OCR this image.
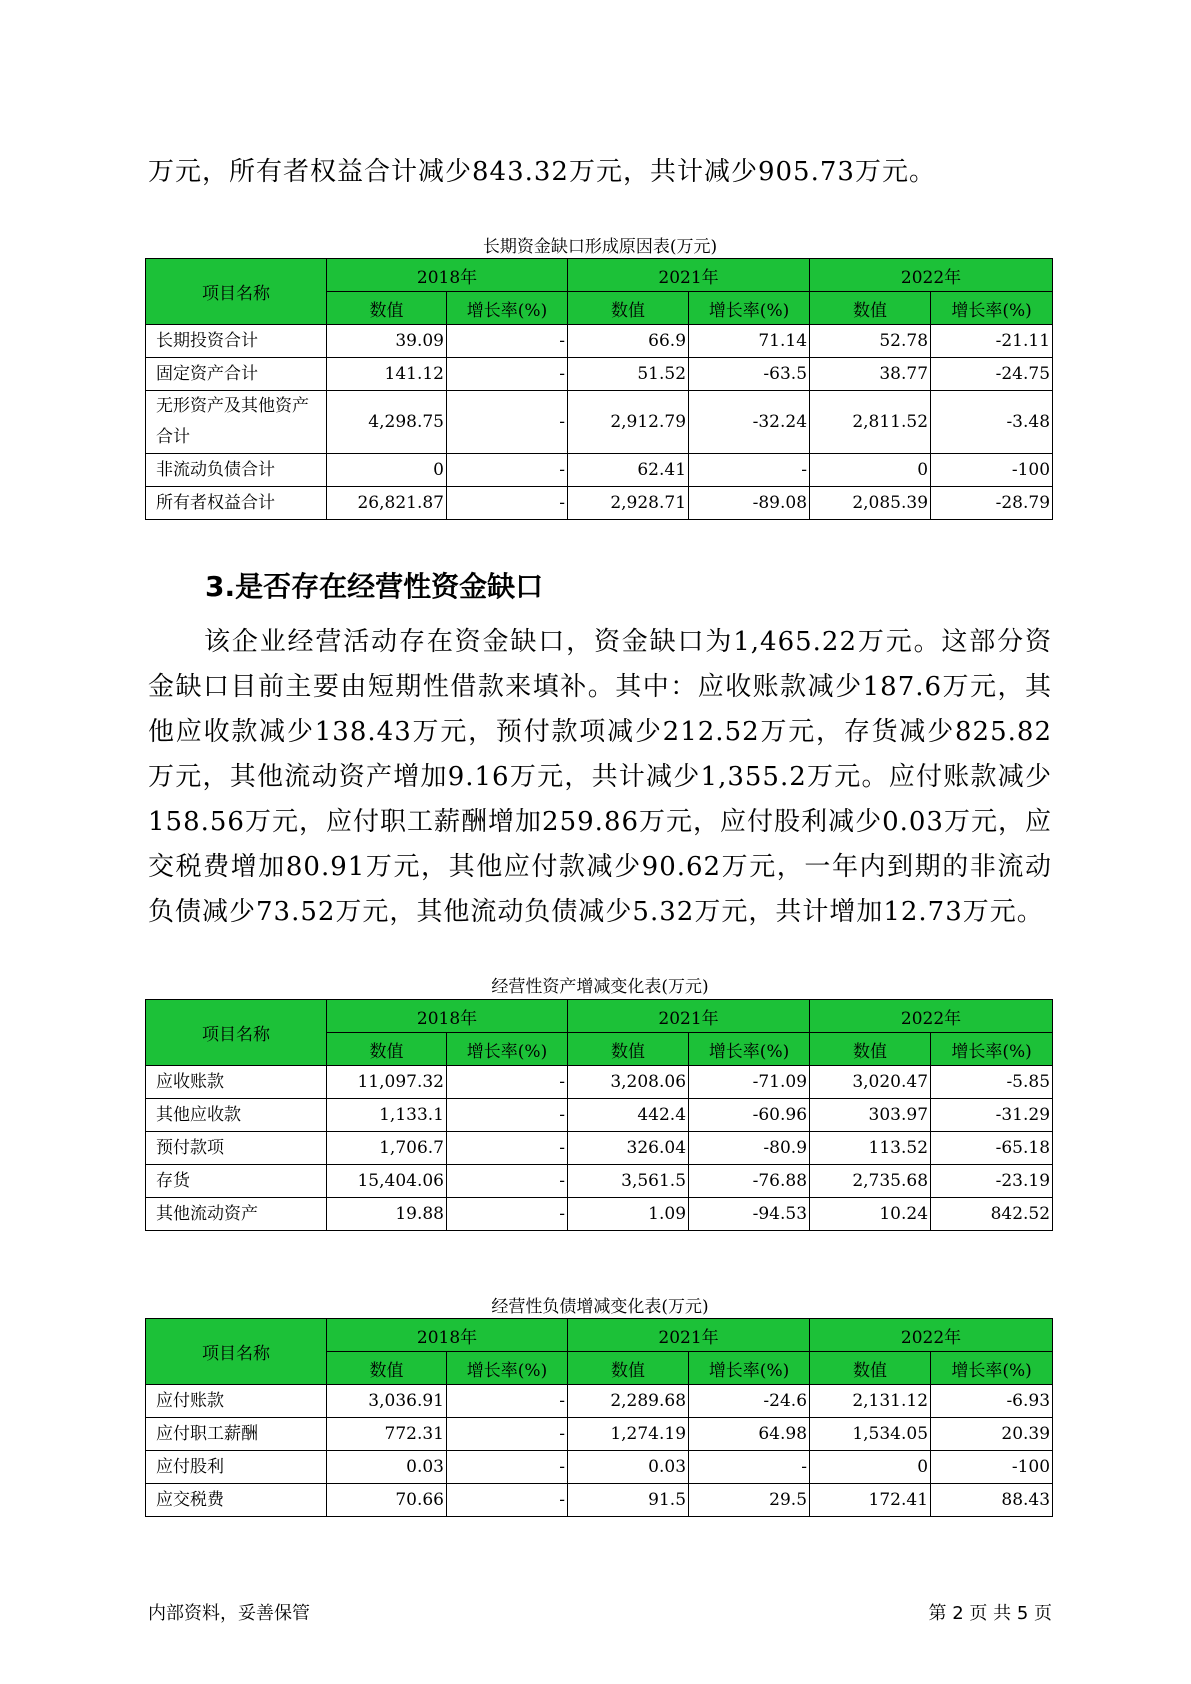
万元，所有者权益合计减少843.32万元，共计减少905.73万元。
长期资金缺口形成原因表(万元)
项目名称	2018年		2021年		2022年	
	数值	增长率(%)	数值	增长率(%)	数值	增长率(%)
长期投资合计	39.09	-	66.9	71.14	52.78	-21.11
固定资产合计	141.12	-	51.52	-63.5	38.77	-24.75
无形资产及其他资产合计	4,298.75	-	2,912.79	-32.24	2,811.52	-3.48
非流动负债合计	0	-	62.41	-	0	-100
所有者权益合计	26,821.87	-	2,928.71	-89.08	2,085.39	-28.79
3.是否存在经营性资金缺口
该企业经营活动存在资金缺口，资金缺口为1,465.22万元。这部分资金缺口目前主要由短期性借款来填补。其中：应收账款减少187.6万元，其他应收款减少138.43万元，预付款项减少212.52万元，存货减少825.82万元，其他流动资产增加9.16万元，共计减少1,355.2万元。应付账款减少158.56万元，应付职工薪酬增加259.86万元，应付股利减少0.03万元，应交税费增加80.91万元，其他应付款减少90.62万元，一年内到期的非流动负债减少73.52万元，其他流动负债减少5.32万元，共计增加12.73万元。
经营性资产增减变化表(万元)
项目名称	2018年		2021年		2022年	
	数值	增长率(%)	数值	增长率(%)	数值	增长率(%)
应收账款	11,097.32	-	3,208.06	-71.09	3,020.47	-5.85
其他应收款	1,133.1	-	442.4	-60.96	303.97	-31.29
预付款项	1,706.7	-	326.04	-80.9	113.52	-65.18
存货	15,404.06	-	3,561.5	-76.88	2,735.68	-23.19
其他流动资产	19.88	-	1.09	-94.53	10.24	842.52
经营性负债增减变化表(万元)
项目名称	2018年		2021年		2022年	
	数值	增长率(%)	数值	增长率(%)	数值	增长率(%)
应付账款	3,036.91	-	2,289.68	-24.6	2,131.12	-6.93
应付职工薪酬	772.31	-	1,274.19	64.98	1,534.05	20.39
应付股利	0.03	-	0.03	-	0	-100
应交税费	70.66	-	91.5	29.5	172.41	88.43
内部资料，妥善保管	第 2 页 共 5 页
